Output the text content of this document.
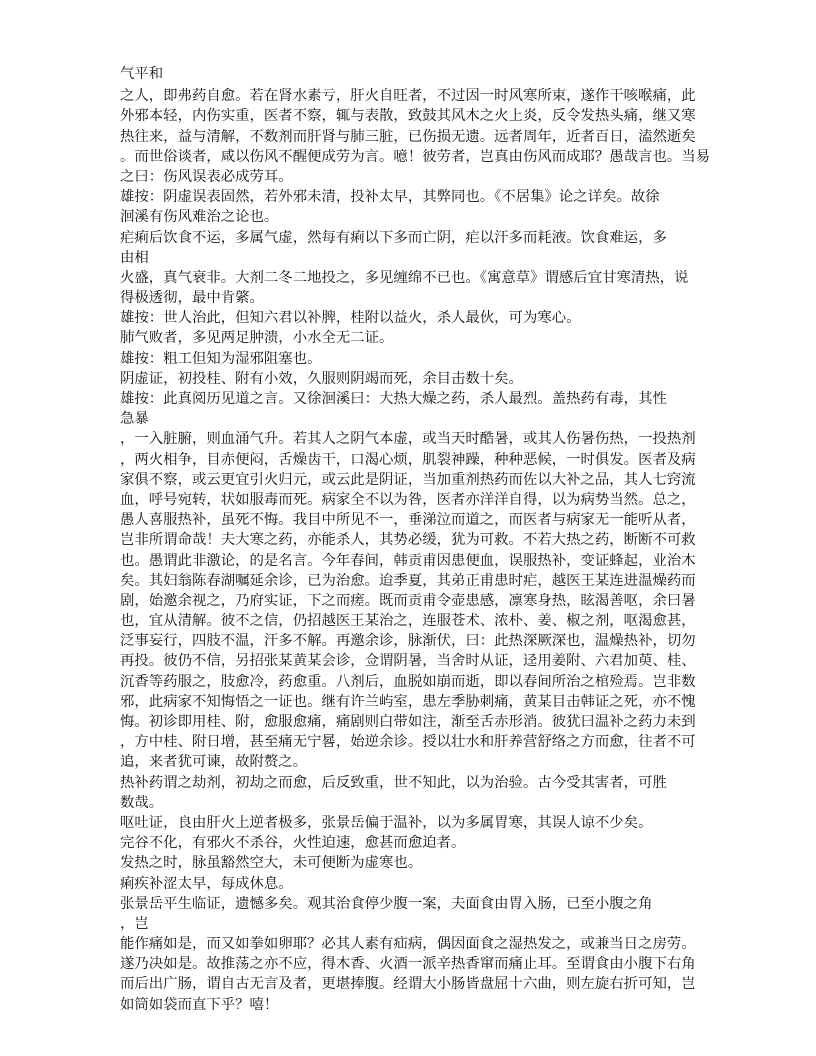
气平和
之人，即弗药自愈。若在肾水素亏，肝火自旺者，不过因一时风寒所束，遂作干咳喉痛，此
外邪本轻，内伤实重，医者不察，辄与表散，致鼓其风木之火上炎，反令发热头痛，继又寒
热往来，益与清解，不数剂而肝肾与肺三脏，已伤损无遗。远者周年，近者百日，溘然逝矣
。而世俗谈者，咸以伤风不醒便成劳为言。噫！彼劳者，岂真由伤风而成耶？愚哉言也。当易
之曰：伤风误表必成劳耳。
雄按：阴虚误表固然，若外邪未清，投补太早，其弊同也。《不居集》论之详矣。故徐
洄溪有伤风难治之论也。
疟痢后饮食不运，多属气虚，然每有痢以下多而亡阴，疟以汗多而耗液。饮食难运，多
由相
火盛，真气衰非。大剂二冬二地投之，多见缠绵不已也。《寓意草》谓感后宜甘寒清热，说
得极透彻，最中肯綮。
雄按：世人治此，但知六君以补脾，桂附以益火，杀人最伙，可为寒心。
肺气败者，多见两足肿溃，小水全无二证。
雄按：粗工但知为湿邪阻塞也。
阴虚证，初投桂、附有小效，久服则阴竭而死，余目击数十矣。
雄按：此真阅历见道之言。又徐洄溪曰：大热大燥之药，杀人最烈。盖热药有毒，其性
急暴
，一入脏腑，则血涌气升。若其人之阴气本虚，或当天时酷暑，或其人伤暑伤热，一投热剂
，两火相争，目赤便闷，舌燥齿干，口渴心烦，肌裂神躁，种种恶候，一时俱发。医者及病
家俱不察，或云更宜引火归元，或云此是阴证，当加重剂热药而佐以大补之品，其人七窍流
血，呼号宛转，状如服毒而死。病家全不以为咎，医者亦洋洋自得，以为病势当然。总之，
愚人喜服热补，虽死不悔。我目中所见不一，垂涕泣而道之，而医者与病家无一能听从者，
岂非所谓命哉！夫大寒之药，亦能杀人，其势必缓，犹为可救。不若大热之药，断断不可救
也。愚谓此非激论，的是名言。今年春间，韩贡甫因患便血，误服热补，变证蜂起，业治木
矣。其妇翁陈春湖嘱延余诊，已为治愈。迨季夏，其弟正甫患时疟，越医王某连进温燥药而
剧，始邀余视之，乃府实证，下之而瘥。既而贡甫令壶患感，凛寒身热，眩渴善呕，余曰暑
也，宜从清解。彼不之信，仍招越医王某治之，连服苍术、浓朴、姜、椒之剂，呕渴愈甚，
泛事妄行，四肢不温，汗多不解。再邀余诊，脉渐伏，曰：此热深厥深也，温燥热补，切勿
再投。彼仍不信，另招张某黄某会诊，佥谓阴暑，当舍时从证，迳用姜附、六君加萸、桂、
沉香等药服之，肢愈冷，药愈重。八剂后，血脱如崩而逝，即以春间所治之棺殓焉。岂非数
邪，此病家不知悔悟之一证也。继有许兰屿室，患左季胁刺痛，黄某目击韩证之死，亦不愧
悔。初诊即用桂、附，愈服愈痛，痛剧则白带如注，渐至舌赤形消。彼犹曰温补之药力未到
，方中桂、附日增，甚至痛无宁晷，始逆余诊。授以壮水和肝养营舒络之方而愈，往者不可
追，来者犹可谏，故附赘之。
热补药谓之劫剂，初劫之而愈，后反致重，世不知此，以为治验。古今受其害者，可胜
数哉。
呕吐证，良由肝火上逆者极多，张景岳偏于温补，以为多属胃寒，其误人谅不少矣。
完谷不化，有邪火不杀谷，火性迫速，愈甚而愈迫者。
发热之时，脉虽豁然空大，未可便断为虚寒也。
痢疾补涩太早，每成休息。
张景岳平生临证，遗憾多矣。观其治食停少腹一案，夫面食由胃入肠，已至小腹之角
，岂
能作痛如是，而又如拳如卵耶？必其人素有疝病，偶因面食之湿热发之，或兼当日之房劳。
遂乃决如是。故推荡之亦不应，得木香、火酒一派辛热香窜而痛止耳。至谓食由小腹下右角
而后出广肠，谓自古无言及者，更堪捧腹。经谓大小肠皆盘屈十六曲，则左旋右折可知，岂
如筒如袋而直下乎？嘻！
